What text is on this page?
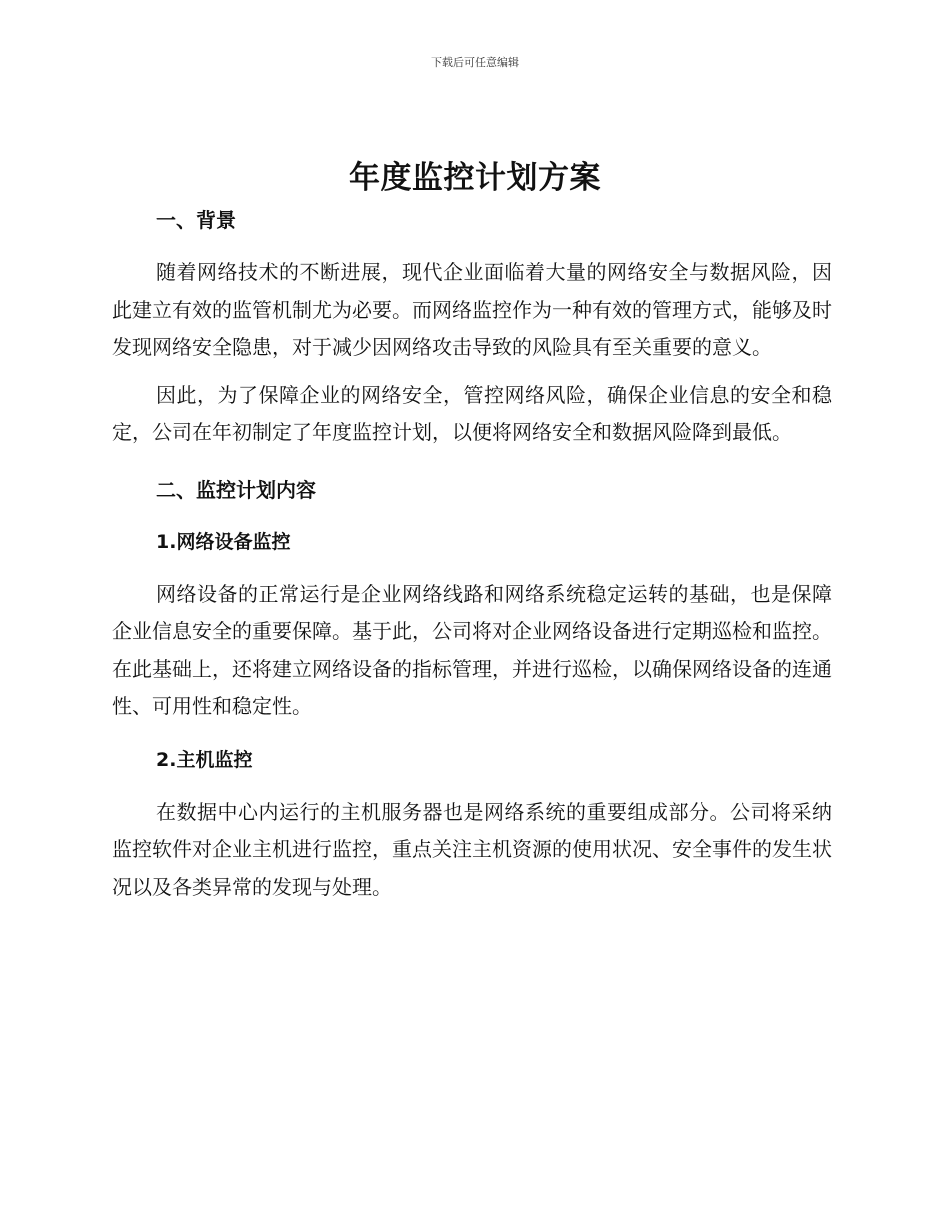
下载后可任意编辑
年度监控计划方案
一、背景

随着网络技术的不断进展，现代企业面临着大量的网络安全与数据风险，因此建立有效的监管机制尤为必要。而网络监控作为一种有效的管理方式，能够及时发现网络安全隐患，对于减少因网络攻击导致的风险具有至关重要的意义。

因此，为了保障企业的网络安全，管控网络风险，确保企业信息的安全和稳定，公司在年初制定了年度监控计划，以便将网络安全和数据风险降到最低。

二、监控计划内容
1.网络设备监控

网络设备的正常运行是企业网络线路和网络系统稳定运转的基础，也是保障企业信息安全的重要保障。基于此，公司将对企业网络设备进行定期巡检和监控。在此基础上，还将建立网络设备的指标管理，并进行巡检，以确保网络设备的连通性、可用性和稳定性。

2.主机监控

在数据中心内运行的主机服务器也是网络系统的重要组成部分。公司将采纳监控软件对企业主机进行监控，重点关注主机资源的使用状况、安全事件的发生状况以及各类异常的发现与处理。
